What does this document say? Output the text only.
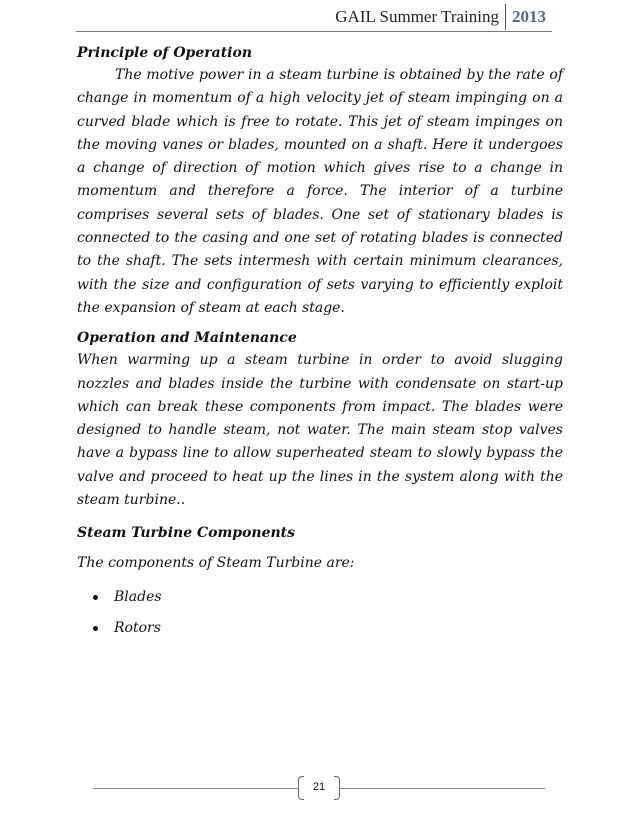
GAIL Summer Training 2013
Principle of Operation

The motive power in a steam turbine is obtained by the rate of change in momentum of a high velocity jet of steam impinging on a curved blade which is free to rotate. This jet of steam impinges on the moving vanes or blades, mounted on a shaft. Here it undergoes a change of direction of motion which gives rise to a change in momentum and therefore a force. The interior of a turbine comprises several sets of blades. One set of stationary blades is connected to the casing and one set of rotating blades is connected to the shaft. The sets intermesh with certain minimum clearances, with the size and configuration of sets varying to efficiently exploit the expansion of steam at each stage.

Operation and Maintenance

When warming up a steam turbine in order to avoid slugging nozzles and blades inside the turbine with condensate on start-up which can break these components from impact. The blades were designed to handle steam, not water. The main steam stop valves have a bypass line to allow superheated steam to slowly bypass the valve and proceed to heat up the lines in the system along with the steam turbine..

Steam Turbine Components

The components of Steam Turbine are:

Blades
Rotors
21
